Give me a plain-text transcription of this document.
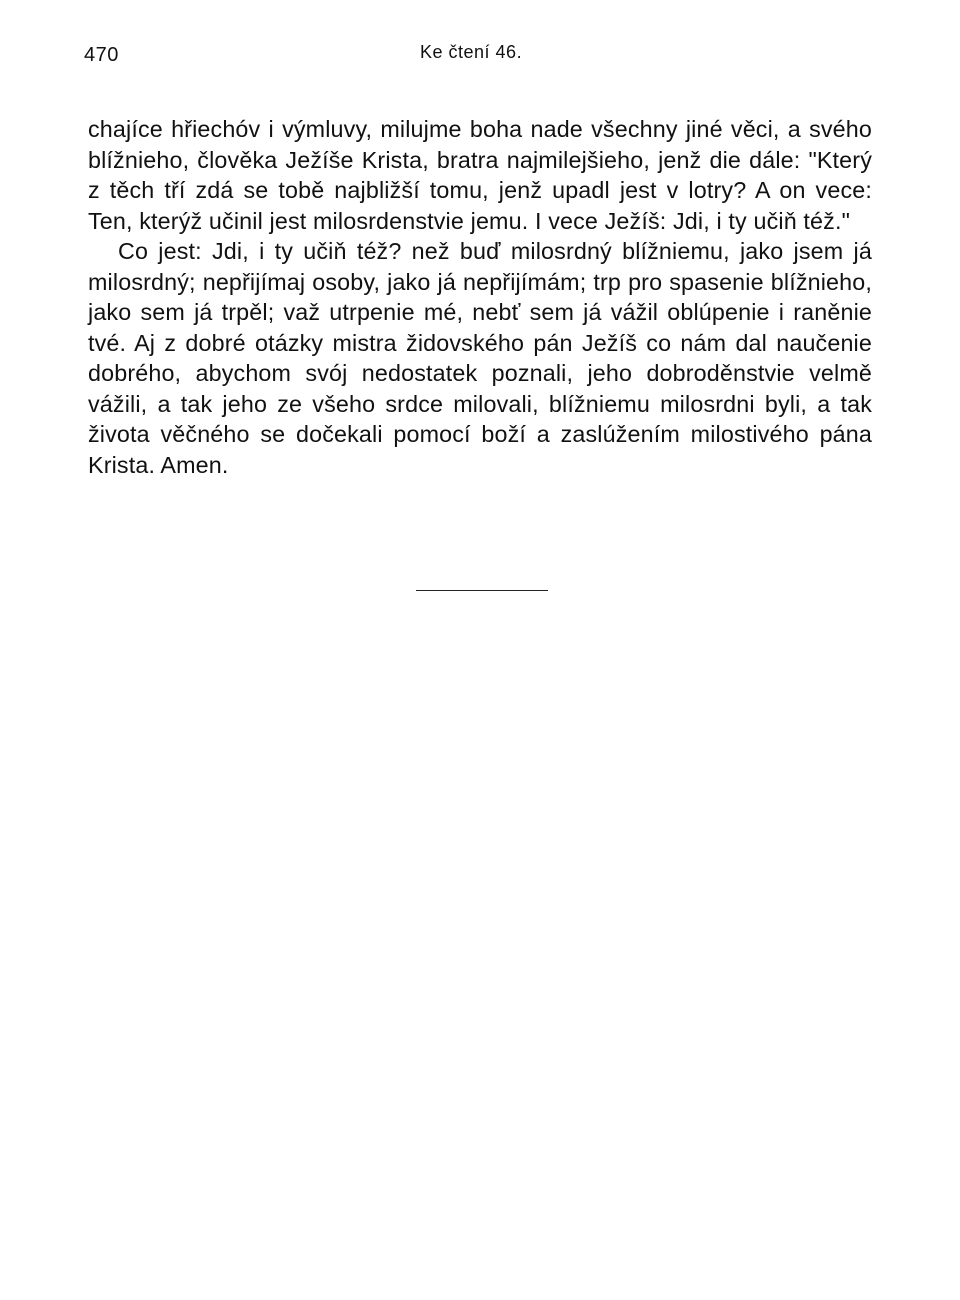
470	Ke čtení 46.

chajíce hřiechóv i výmluvy, milujme boha nade všechny jiné věci, a svého blížnieho, člověka Ježíše Krista, bratra najmilejšieho, jenž die dále: "Který z těch tří zdá se tobě najbližší tomu, jenž upadl jest v lotry? A on vece: Ten, kterýž učinil jest milosrdenstvie jemu. I vece Ježíš: Jdi, i ty učiň též."

Co jest: Jdi, i ty učiň též? než buď milosrdný blížniemu, jako jsem já milosrdný; nepřijímaj osoby, jako já nepřijímám; trp pro spasenie blížnieho, jako sem já trpěl; važ utrpenie mé, nebť sem já vážil oblúpenie i raněnie tvé. Aj z dobré otázky mistra židovského pán Ježíš co nám dal naučenie dobrého, abychom svój nedostatek poznali, jeho dobroděnstvie velmě vážili, a tak jeho ze všeho srdce milovali, blížniemu milosrdni byli, a tak života věčného se dočekali pomocí boží a zaslúžením milostivého pána Krista. Amen.
